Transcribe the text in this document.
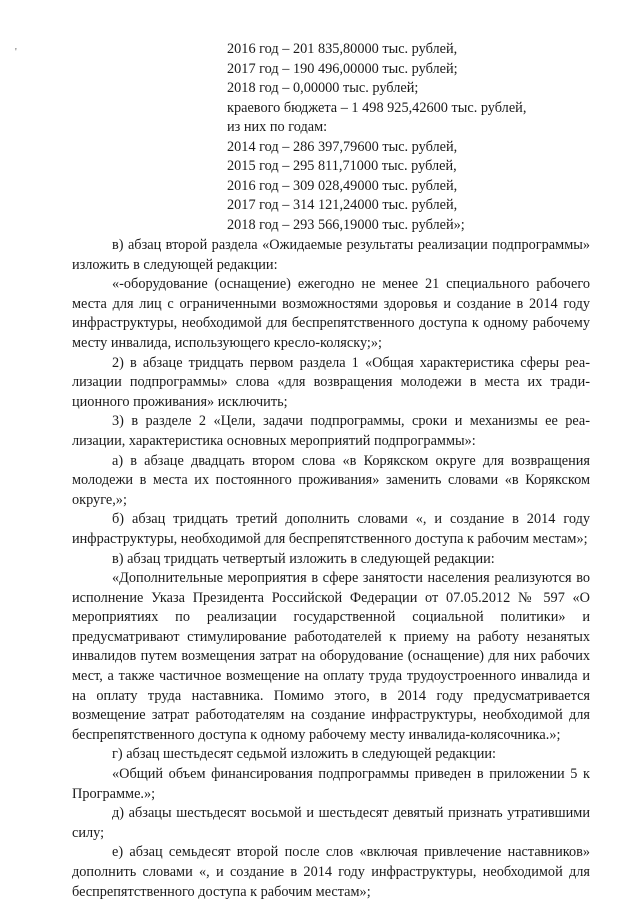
'	2016 год – 201 835,80000 тыс. рублей,
2017 год – 190 496,00000 тыс. рублей;
2018 год – 0,00000 тыс. рублей;
краевого бюджета – 1 498 925,42600 тыс. рублей,
из них по годам:
2014 год – 286 397,79600 тыс. рублей,
2015 год – 295 811,71000 тыс. рублей,
2016 год – 309 028,49000 тыс. рублей,
2017 год – 314 121,24000 тыс. рублей,
2018 год – 293 566,19000 тыс. рублей»;

в) абзац второй раздела «Ожидаемые результаты реализации подпрограммы» изложить в следующей редакции:

«-оборудование (оснащение) ежегодно не менее 21 специального рабочего места для лиц с ограниченными возможностями здоровья и создание в 2014 году инфраструктуры, необходимой для беспрепятственного доступа к одному рабочему месту инвалида, использующего кресло-коляску;»;

2) в абзаце тридцать первом раздела 1 «Общая характеристика сферы реализации подпрограммы» слова «для возвращения молодежи в места их традиционного проживания» исключить;

3) в разделе 2 «Цели, задачи подпрограммы, сроки и механизмы ее реализации, характеристика основных мероприятий подпрограммы»:

а) в абзаце двадцать втором слова «в Корякском округе для возвращения молодежи в места их постоянного проживания» заменить словами «в Корякском округе,»;

б) абзац тридцать третий дополнить словами «, и создание в 2014 году инфраструктуры, необходимой для беспрепятственного доступа к рабочим местам»;

в) абзац тридцать четвертый изложить в следующей редакции:

«Дополнительные мероприятия в сфере занятости населения реализуются во исполнение Указа Президента Российской Федерации от 07.05.2012 № 597 «О мероприятиях по реализации государственной социальной политики» и предусматривают стимулирование работодателей к приему на работу незанятых инвалидов путем возмещения затрат на оборудование (оснащение) для них рабочих мест, а также частичное возмещение на оплату труда трудоустроенного инвалида и на оплату труда наставника. Помимо этого, в 2014 году предусматривается возмещение затрат работодателям на создание инфраструктуры, необходимой для беспрепятственного доступа к одному рабочему месту инвалида-колясочника.»;

г) абзац шестьдесят седьмой изложить в следующей редакции:

«Общий объем финансирования подпрограммы приведен в приложении 5 к Программе.»;

д) абзацы шестьдесят восьмой и шестьдесят девятый признать утратившими силу;

е) абзац семьдесят второй после слов «включая привлечение наставников» дополнить словами «, и создание в 2014 году инфраструктуры, необходимой для беспрепятственного доступа к рабочим местам»;
